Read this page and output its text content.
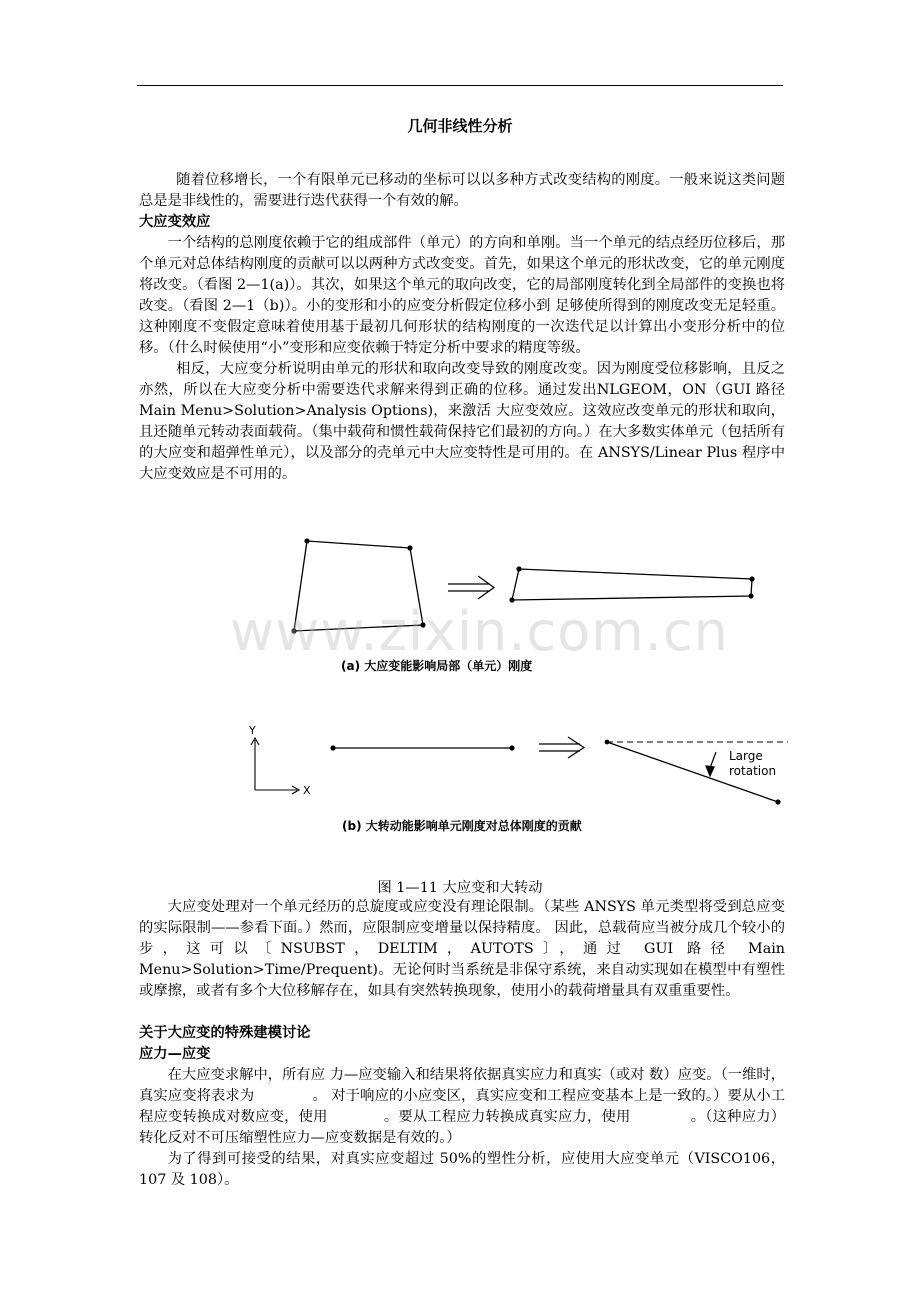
几何非线性分析

随着位移增长，一个有限单元已移动的坐标可以以多种方式改变结构的刚度。一般来说这类问题总是是非线性的，需要进行迭代获得一个有效的解。

大应变效应

一个结构的总刚度依赖于它的组成部件（单元）的方向和单刚。当一个单元的结点经历位移后，那个单元对总体结构刚度的贡献可以以两种方式改变变。首先，如果这个单元的形状改变，它的单元刚度将改变。（看图 2—1(a)）。其次，如果这个单元的取向改变，它的局部刚度转化到全局部件的变换也将改变。（看图 2—1（b)）。小的变形和小的应变分析假定位移小到 足够使所得到的刚度改变无足轻重。这种刚度不变假定意味着使用基于最初几何形状的结构刚度的一次迭代足以计算出小变形分析中的位移。（什么时候使用“小”变形和应变依赖于特定分析中要求的精度等级。

相反，大应变分析说明由单元的形状和取向改变导致的刚度改变。因为刚度受位移影响，且反之亦然，所以在大应变分析中需要迭代求解来得到正确的位移。通过发出NLGEOM，ON（GUI 路径 Main Menu>Solution>Analysis Options)，来激活 大应变效应。这效应改变单元的形状和取向，且还随单元转动表面载荷。（集中载荷和惯性载荷保持它们最初的方向。）在大多数实体单元（包括所有的大应变和超弹性单元），以及部分的壳单元中大应变特性是可用的。在 ANSYS/Linear Plus 程序中大应变效应是不可用的。

Y
X
Large
rotation
(a) 大应变能影响局部（单元）刚度
(b) 大转动能影响单元刚度对总体刚度的贡献
www.zixin.com.cn
图 1—11 大应变和大转动

大应变处理对一个单元经历的总旋度或应变没有理论限制。（某些 ANSYS 单元类型将受到总应变的实际限制——参看下面。）然而，应限制应变增量以保持精度。 因此，总载荷应当被分成几个较小的步，这可以〔NSUBST，DELTIM，AUTOTS〕，通过 GUI 路径 Main Menu>Solution>Time/Prequent)。无论何时当系统是非保守系统，来自动实现如在模型中有塑性或摩擦，或者有多个大位移解存在，如具有突然转换现象，使用小的载荷增量具有双重重要性。

关于大应变的特殊建模讨论
应力—应变

在大应变求解中，所有应 力—应变输入和结果将依据真实应力和真实（或对 数）应变。（一维时，真实应变将表求为	。 对于响应的小应变区，真实应变和工程应变基本上是一致的。）要从小工程应变转换成对数应变，使用	。要从工程应力转换成真实应力，使用	。（这种应力）转化反对不可压缩塑性应力—应变数据是有效的。）

为了得到可接受的结果，对真实应变超过 50%的塑性分析，应使用大应变单元（VISCO106，107 及 108）。
